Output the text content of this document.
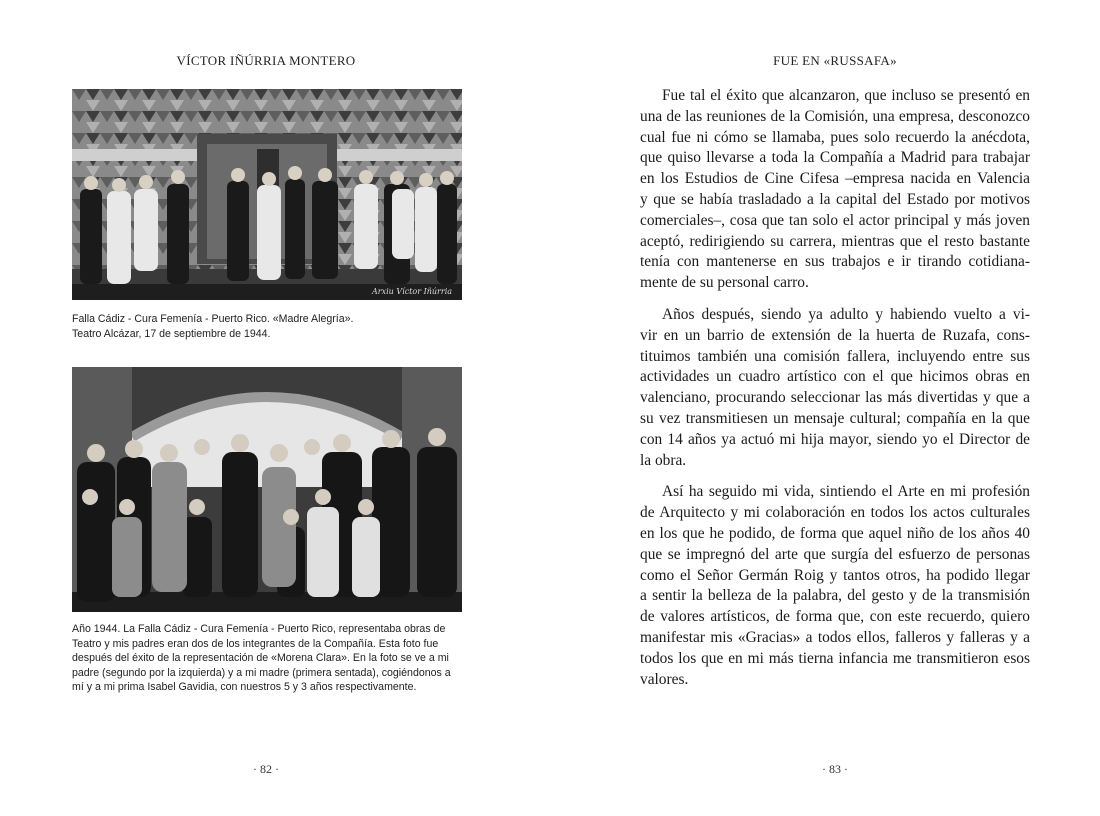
VÍCTOR IÑÚRRIA MONTERO
Arxiu Víctor Iñúrria

Falla Cádiz - Cura Femenía - Puerto Rico. «Madre Alegría».
Teatro Alcázar, 17 de septiembre de 1944.

Año 1944. La Falla Cádiz - Cura Femenía - Puerto Rico, representaba obras de
Teatro y mis padres eran dos de los integrantes de la Compañía. Esta foto fue
después del éxito de la representación de «Morena Clara». En la foto se ve a mi
padre (segundo por la izquierda) y a mi madre (primera sentada), cogiéndonos a
mí y a mi prima Isabel Gavidia, con nuestros 5 y 3 años respectivamente.

· 82 ·
FUE EN «RUSSAFA»

Fue tal el éxito que alcanzaron, que incluso se presentó en
una de las reuniones de la Comisión, una empresa, desconozco
cual fue ni cómo se llamaba, pues solo recuerdo la anécdota,
que quiso llevarse a toda la Compañía a Madrid para trabajar
en los Estudios de Cine Cifesa –empresa nacida en Valencia
y que se había trasladado a la capital del Estado por motivos
comerciales–, cosa que tan solo el actor principal y más joven
aceptó, redirigiendo su carrera, mientras que el resto bastante
tenía con mantenerse en sus trabajos e ir tirando cotidiana-
mente de su personal carro.

Años después, siendo ya adulto y habiendo vuelto a vi-
vir en un barrio de extensión de la huerta de Ruzafa, cons-
tituimos también una comisión fallera, incluyendo entre sus
actividades un cuadro artístico con el que hicimos obras en
valenciano, procurando seleccionar las más divertidas y que a
su vez transmitiesen un mensaje cultural; compañía en la que
con 14 años ya actuó mi hija mayor, siendo yo el Director de
la obra.

Así ha seguido mi vida, sintiendo el Arte en mi profesión
de Arquitecto y mi colaboración en todos los actos culturales
en los que he podido, de forma que aquel niño de los años 40
que se impregnó del arte que surgía del esfuerzo de personas
como el Señor Germán Roig y tantos otros, ha podido llegar
a sentir la belleza de la palabra, del gesto y de la transmisión
de valores artísticos, de forma que, con este recuerdo, quiero
manifestar mis «Gracias» a todos ellos, falleros y falleras y a
todos los que en mi más tierna infancia me transmitieron esos
valores.

· 83 ·
